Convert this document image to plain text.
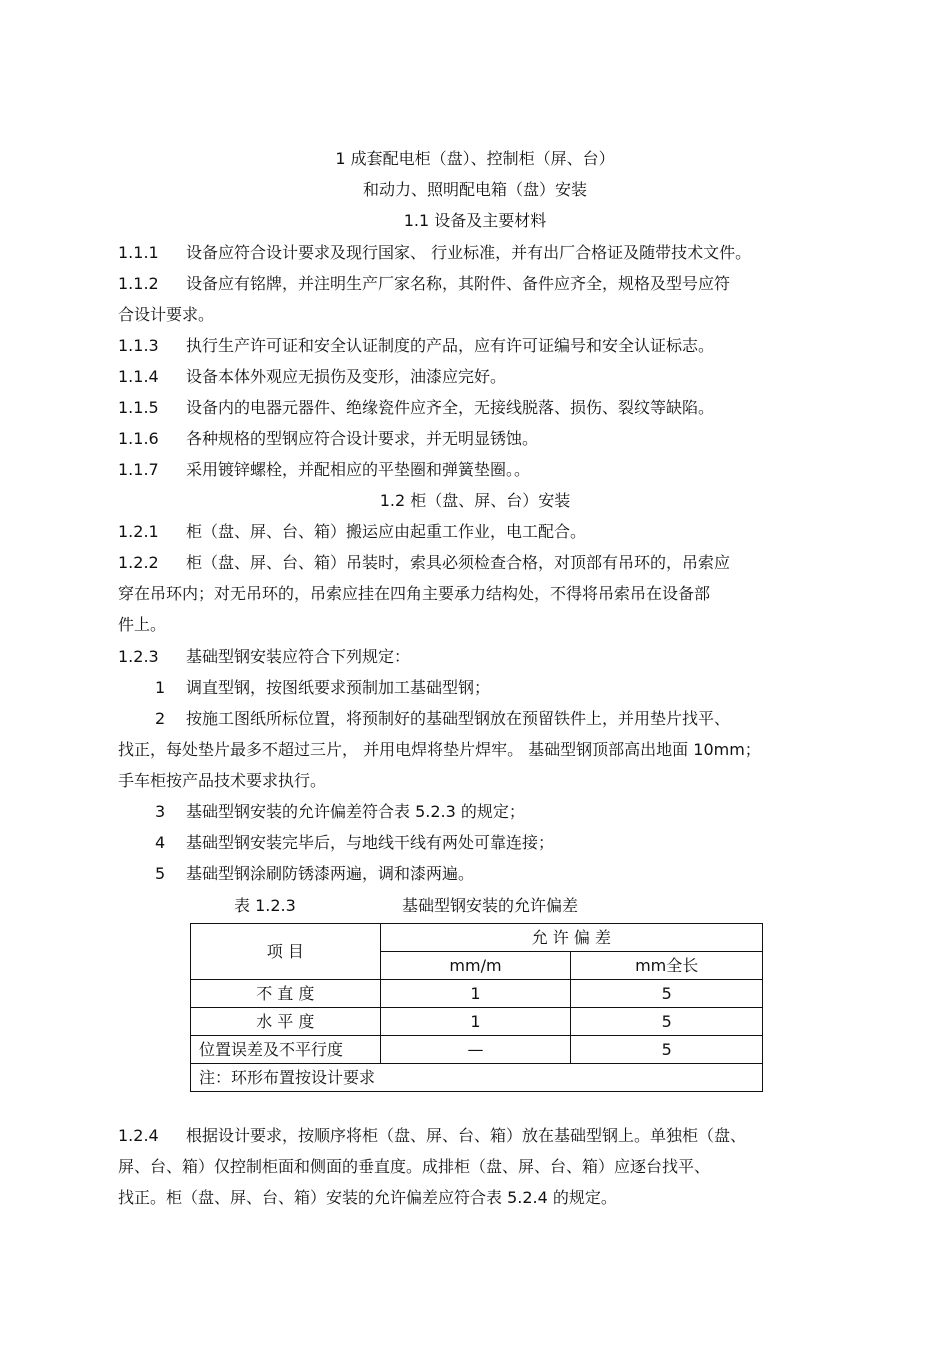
1 成套配电柜（盘）、控制柜（屏、台）
和动力、照明配电箱（盘）安装
1.1 设备及主要材料
1.1.1 设备应符合设计要求及现行国家、 行业标准，并有出厂合格证及随带技术文件。
1.1.2 设备应有铭牌，并注明生产厂家名称，其附件、备件应齐全，规格及型号应符
合设计要求。
1.1.3 执行生产许可证和安全认证制度的产品，应有许可证编号和安全认证标志。
1.1.4 设备本体外观应无损伤及变形，油漆应完好。
1.1.5 设备内的电器元器件、绝缘瓷件应齐全，无接线脱落、损伤、裂纹等缺陷。
1.1.6 各种规格的型钢应符合设计要求，并无明显锈蚀。
1.1.7 采用镀锌螺栓，并配相应的平垫圈和弹簧垫圈。。
1.2 柜（盘、屏、台）安装
1.2.1 柜（盘、屏、台、箱）搬运应由起重工作业，电工配合。
1.2.2 柜（盘、屏、台、箱）吊装时，索具必须检查合格，对顶部有吊环的，吊索应
穿在吊环内；对无吊环的，吊索应挂在四角主要承力结构处，不得将吊索吊在设备部
件上。
1.2.3 基础型钢安装应符合下列规定：
1 调直型钢，按图纸要求预制加工基础型钢；
2 按施工图纸所标位置，将预制好的基础型钢放在预留铁件上，并用垫片找平、
找正，每处垫片最多不超过三片， 并用电焊将垫片焊牢。 基础型钢顶部高出地面 10mm；
手车柜按产品技术要求执行。
3 基础型钢安装的允许偏差符合表 5.2.3 的规定；
4 基础型钢安装完毕后，与地线干线有两处可靠连接；
5 基础型钢涂刷防锈漆两遍，调和漆两遍。
表 1.2.3	基础型钢安装的允许偏差
项 目	允 许 偏 差	
	mm/m	mm全长
不 直 度	1	5
水 平 度	1	5
位置误差及不平行度	—	5
注：环形布置按设计要求		
1.2.4 根据设计要求，按顺序将柜（盘、屏、台、箱）放在基础型钢上。单独柜（盘、
屏、台、箱）仅控制柜面和侧面的垂直度。成排柜（盘、屏、台、箱）应逐台找平、
找正。柜（盘、屏、台、箱）安装的允许偏差应符合表 5.2.4 的规定。
